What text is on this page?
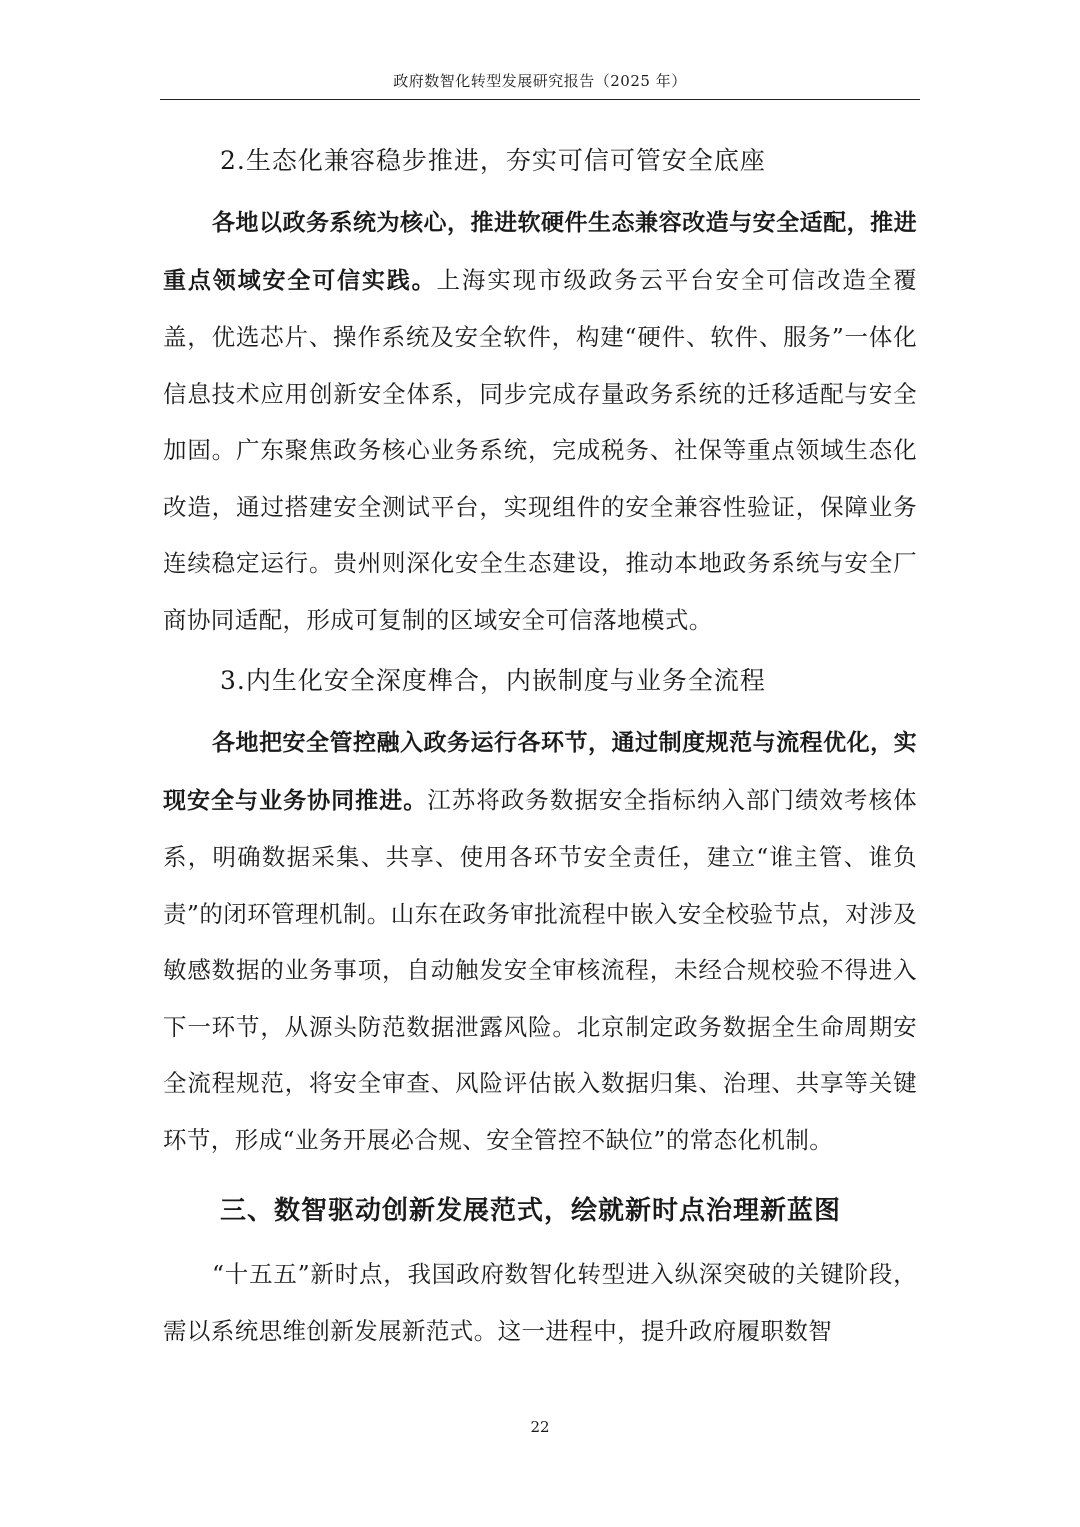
政府数智化转型发展研究报告（2025 年）
2.生态化兼容稳步推进，夯实可信可管安全底座

各地以政务系统为核心，推进软硬件生态兼容改造与安全适配，推进重点领域安全可信实践。上海实现市级政务云平台安全可信改造全覆盖，优选芯片、操作系统及安全软件，构建“硬件、软件、服务”一体化信息技术应用创新安全体系，同步完成存量政务系统的迁移适配与安全加固。广东聚焦政务核心业务系统，完成税务、社保等重点领域生态化改造，通过搭建安全测试平台，实现组件的安全兼容性验证，保障业务连续稳定运行。贵州则深化安全生态建设，推动本地政务系统与安全厂商协同适配，形成可复制的区域安全可信落地模式。

3.内生化安全深度榫合，内嵌制度与业务全流程

各地把安全管控融入政务运行各环节，通过制度规范与流程优化，实现安全与业务协同推进。江苏将政务数据安全指标纳入部门绩效考核体系，明确数据采集、共享、使用各环节安全责任，建立“谁主管、谁负责”的闭环管理机制。山东在政务审批流程中嵌入安全校验节点，对涉及敏感数据的业务事项，自动触发安全审核流程，未经合规校验不得进入下一环节，从源头防范数据泄露风险。北京制定政务数据全生命周期安全流程规范，将安全审查、风险评估嵌入数据归集、治理、共享等关键环节，形成“业务开展必合规、安全管控不缺位”的常态化机制。

三、数智驱动创新发展范式，绘就新时点治理新蓝图

“十五五”新时点，我国政府数智化转型进入纵深突破的关键阶段，需以系统思维创新发展新范式。这一进程中，提升政府履职数智

22
